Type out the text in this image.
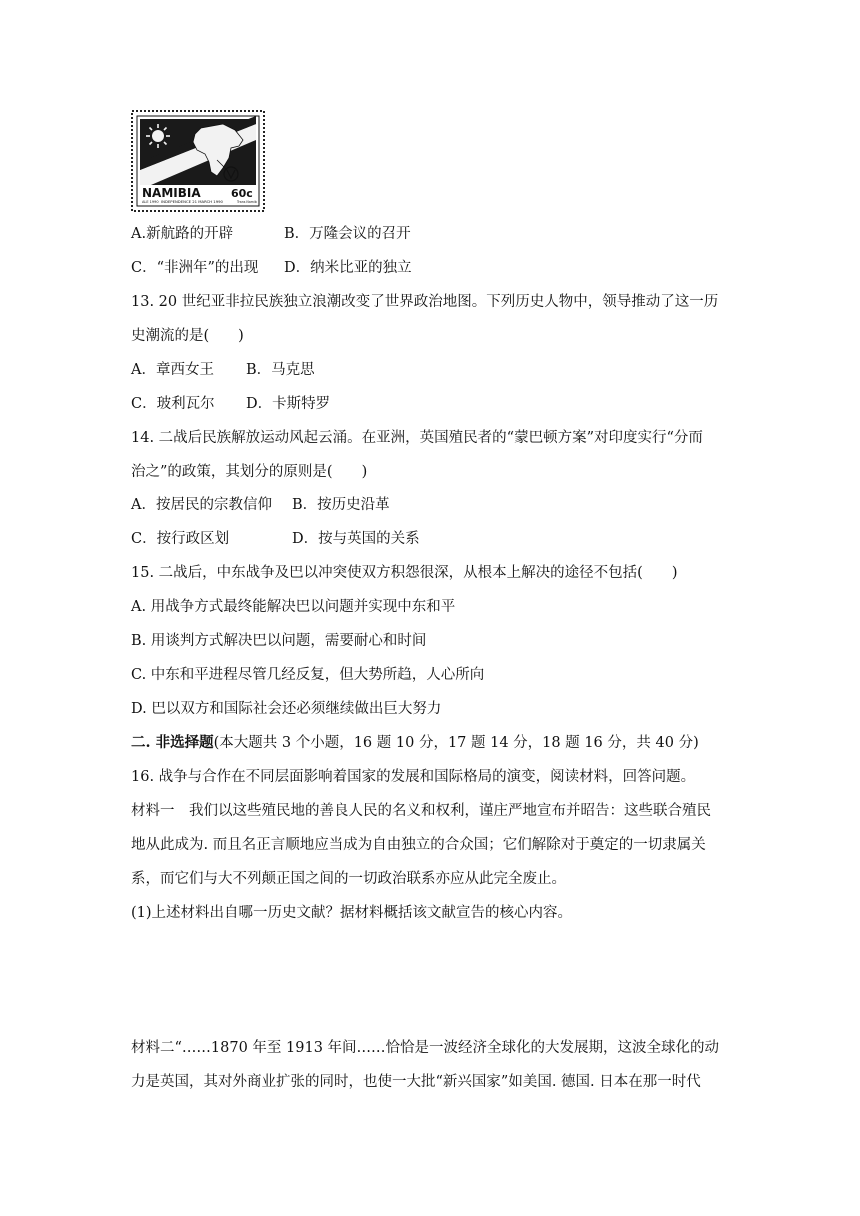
NAMIBIA	60c
ALE 1990 INDEPENDENCE 21 MARCH 1990	Trans Namib
A.新航路的开辟	B．万隆会议的召开
C．“非洲年”的出现 D．纳米比亚的独立
13. 20 世纪亚非拉民族独立浪潮改变了世界政治地图。下列历史人物中，领导推动了这一历
史潮流的是(　　)
A．章西女王 B．马克思
C．玻利瓦尔 D．卡斯特罗
14. 二战后民族解放运动风起云涌。在亚洲，英国殖民者的“蒙巴顿方案”对印度实行“分而
治之”的政策，其划分的原则是(　　)
A．按居民的宗教信仰 B．按历史沿革
C．按行政区划	D．按与英国的关系
15. 二战后，中东战争及巴以冲突使双方积怨很深，从根本上解决的途径不包括(　　)
A. 用战争方式最终能解决巴以问题并实现中东和平
B. 用谈判方式解决巴以问题，需要耐心和时间
C. 中东和平进程尽管几经反复，但大势所趋，人心所向
D. 巴以双方和国际社会还必须继续做出巨大努力
二. 非选择题(本大题共 3 个小题，16 题 10 分，17 题 14 分，18 题 16 分，共 40 分)
16. 战争与合作在不同层面影响着国家的发展和国际格局的演变，阅读材料，回答问题。
材料一　我们以这些殖民地的善良人民的名义和权利，谨庄严地宣布并昭告：这些联合殖民
地从此成为. 而且名正言顺地应当成为自由独立的合众国；它们解除对于奠定的一切隶属关
系，而它们与大不列颠正国之间的一切政治联系亦应从此完全废止。
(1)上述材料出自哪一历史文献？据材料概括该文献宣告的核心内容。
材料二“……1870 年至 1913 年间……恰恰是一波经济全球化的大发展期，这波全球化的动
力是英国，其对外商业扩张的同时，也使一大批“新兴国家”如美国. 德国. 日本在那一时代
